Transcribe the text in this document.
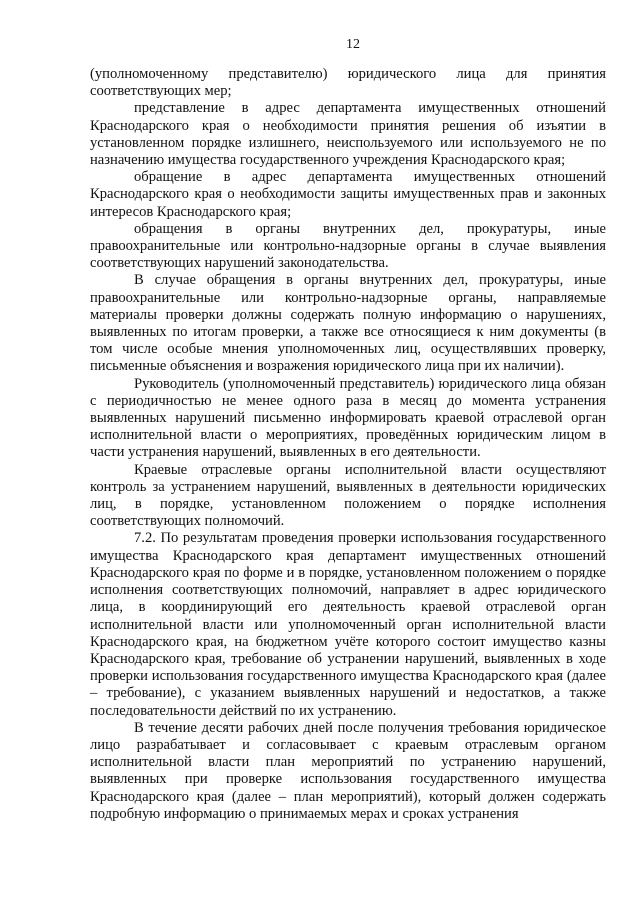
12

(уполномоченному представителю) юридического лица для принятия соответствующих мер;

представление в адрес департамента имущественных отношений Краснодарского края о необходимости принятия решения об изъятии в установленном порядке излишнего, неиспользуемого или используемого не по назначению имущества государственного учреждения Краснодарского края;

обращение в адрес департамента имущественных отношений Краснодарского края о необходимости защиты имущественных прав и законных интересов Краснодарского края;

обращения в органы внутренних дел, прокуратуры, иные правоохранительные или контрольно-надзорные органы в случае выявления соответствующих нарушений законодательства.

В случае обращения в органы внутренних дел, прокуратуры, иные правоохранительные или контрольно-надзорные органы, направляемые материалы проверки должны содержать полную информацию о нарушениях, выявленных по итогам проверки, а также все относящиеся к ним документы (в том числе особые мнения уполномоченных лиц, осуществлявших проверку, письменные объяснения и возражения юридического лица при их наличии).

Руководитель (уполномоченный представитель) юридического лица обязан с периодичностью не менее одного раза в месяц до момента устранения выявленных нарушений письменно информировать краевой отраслевой орган исполнительной власти о мероприятиях, проведённых юридическим лицом в части устранения нарушений, выявленных в его деятельности.

Краевые отраслевые органы исполнительной власти осуществляют контроль за устранением нарушений, выявленных в деятельности юридических лиц, в порядке, установленном положением о порядке исполнения соответствующих полномочий.

7.2. По результатам проведения проверки использования государственного имущества Краснодарского края департамент имущественных отношений Краснодарского края по форме и в порядке, установленном положением о порядке исполнения соответствующих полномочий, направляет в адрес юридического лица, в координирующий его деятельность краевой отраслевой орган исполнительной власти или уполномоченный орган исполнительной власти Краснодарского края, на бюджетном учёте которого состоит имущество казны Краснодарского края, требование об устранении нарушений, выявленных в ходе проверки использования государственного имущества Краснодарского края (далее – требование), с указанием выявленных нарушений и недостатков, а также последовательности действий по их устранению.

В течение десяти рабочих дней после получения требования юридическое лицо разрабатывает и согласовывает с краевым отраслевым органом исполнительной власти план мероприятий по устранению нарушений, выявленных при проверке использования государственного имущества Краснодарского края (далее – план мероприятий), который должен содержать подробную информацию о принимаемых мерах и сроках устранения
